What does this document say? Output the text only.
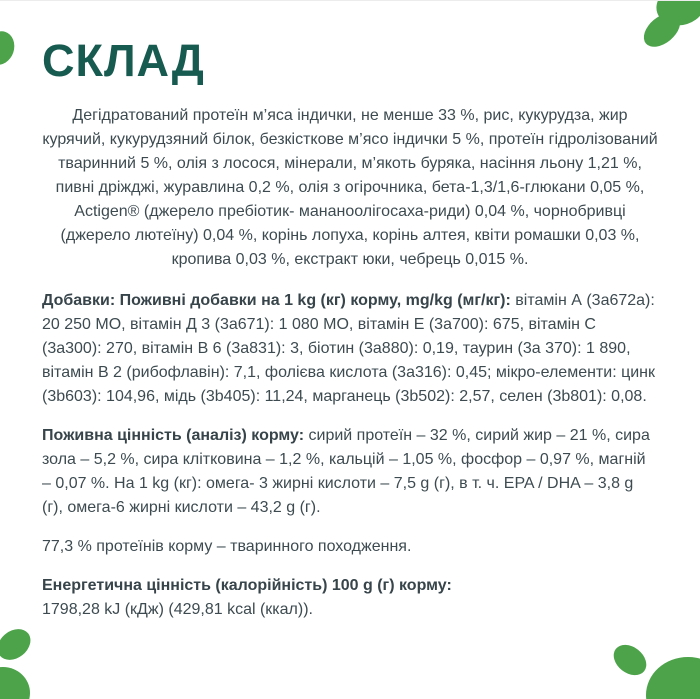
СКЛАД

Дегідратований протеїн м’яса індички, не менше 33 %, рис, кукурудза, жир курячий, кукурудзяний білок, безкісткове м’ясо індички 5 %, протеїн гідролізований тваринний 5 %, олія з лосося, мінерали, м’якоть буряка, насіння льону 1,21 %, пивні дріжджі, журавлина 0,2 %, олія з огірочника, бета-1,3/1,6-глюкани 0,05 %, Actigen® (джерело пребіотик- мананоолігосаха-риди) 0,04 %, чорнобривці (джерело лютеїну) 0,04 %, корінь лопуха, корінь алтея, квіти ромашки 0,03 %, кропива 0,03 %, екстракт юки, чебрець 0,015 %.

Добавки: Поживні добавки на 1 kg (кг) корму, mg/kg (мг/кг): вітамін А (3а672а): 20 250 МО, вітамін Д 3 (3а671): 1 080 МО, вітамін Е (3а700): 675, вітамін С (3а300): 270, вітамін В 6 (3а831): 3, біотин (3а880): 0,19, таурин (3а 370): 1 890, вітамін В 2 (рибофлавін): 7,1, фолієва кислота (3а316): 0,45; мікро-елементи: цинк (3b603): 104,96, мідь (3b405): 11,24, марганець (3b502): 2,57, селен (3b801): 0,08.

Поживна цінність (аналіз) корму: сирий протеїн – 32 %, сирий жир – 21 %, сира зола – 5,2 %, сира клітковина – 1,2 %, кальцій – 1,05 %, фосфор – 0,97 %, магній – 0,07 %. На 1 kg (кг): омега- 3 жирні кислоти – 7,5 g (г), в т. ч. EPA / DHA – 3,8 g (г), омега-6 жирні кислоти – 43,2 g (г).

77,3 % протеїнів корму – тваринного походження.

Енергетична цінність (калорійність) 100 g (г) корму:
1798,28 kJ (кДж) (429,81 kcal (ккал)).
